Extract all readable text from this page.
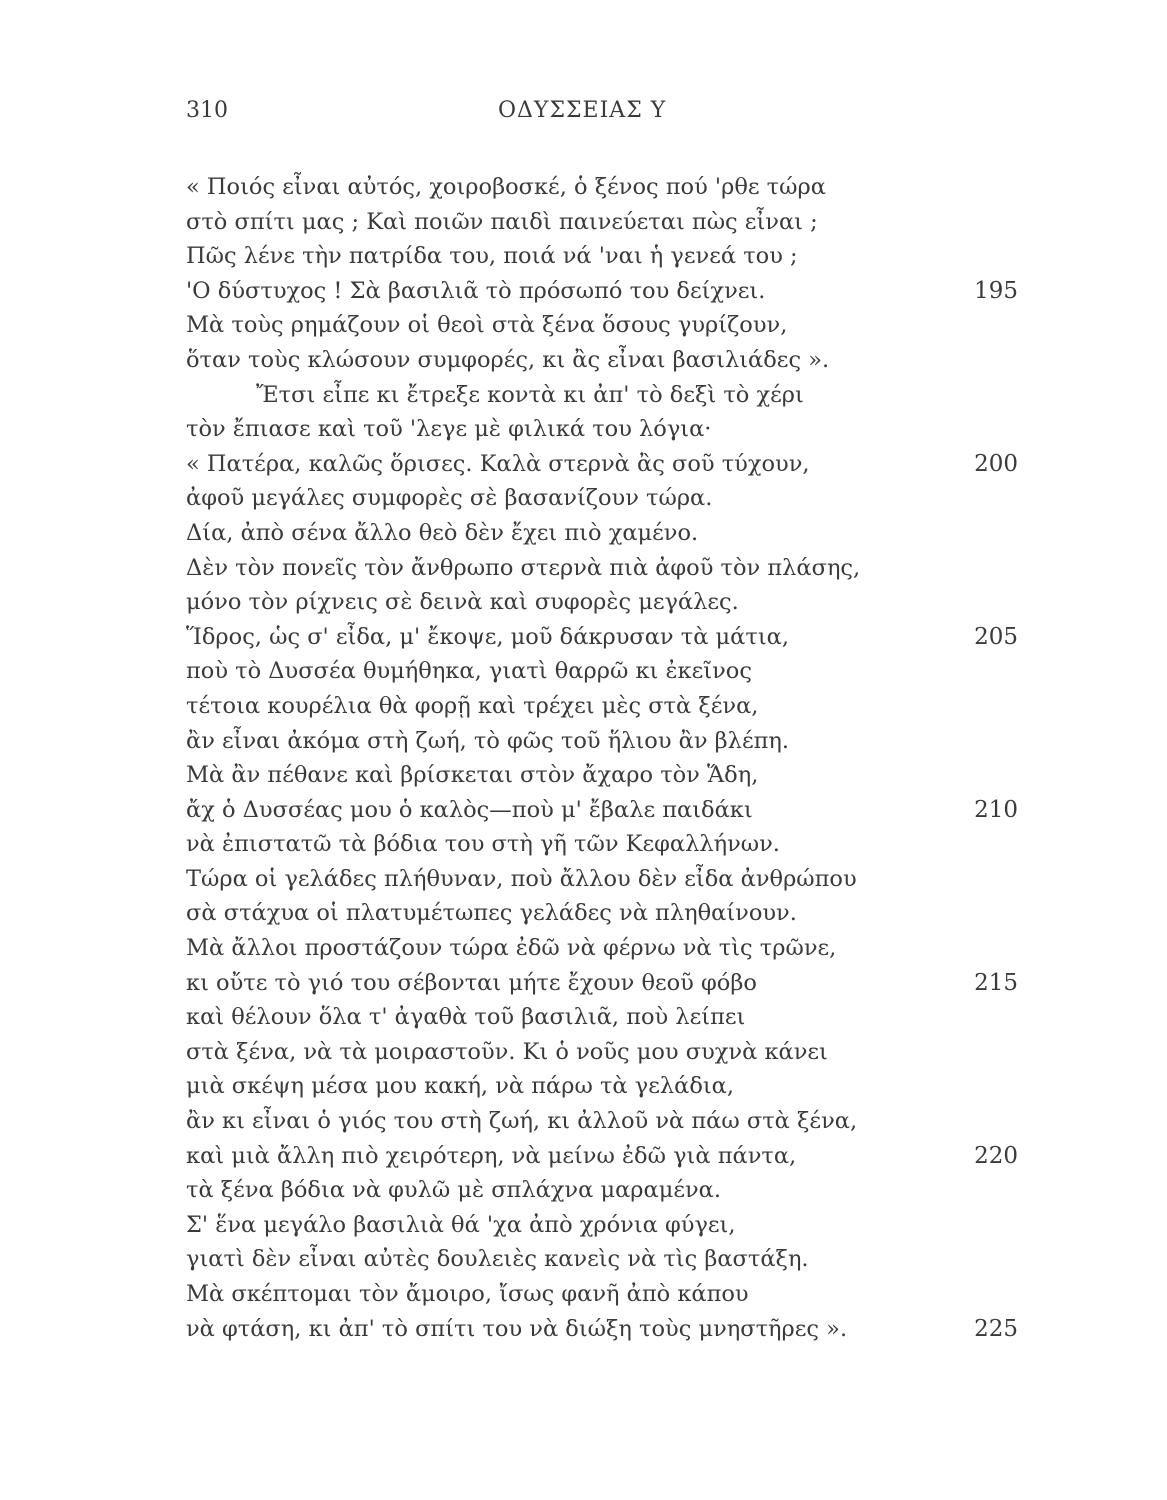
310	ΟΔΥΣΣΕΙΑΣ Υ
« Ποιός εἶναι αὐτός, χοιροβοσκέ, ὁ ξένος πού 'ρθε τώρα
στὸ σπίτι μας ; Καὶ ποιῶν παιδὶ παινεύεται πὼς εἶναι ;
Πῶς λένε τὴν πατρίδα του, ποιά νά 'ναι ἡ γενεά του ;
'Ο δύστυχος ! Σὰ βασιλιᾶ τὸ πρόσωπό του δείχνει.	195
Μὰ τοὺς ρημάζουν οἱ θεοὶ στὰ ξένα ὅσους γυρίζουν,
ὅταν τοὺς κλώσουν συμφορές, κι ἂς εἶναι βασιλιάδες ».
Ἔτσι εἶπε κι ἔτρεξε κοντὰ κι ἀπ' τὸ δεξὶ τὸ χέρι
τὸν ἔπιασε καὶ τοῦ 'λεγε μὲ φιλικά του λόγια·
« Πατέρα, καλῶς ὅρισες. Καλὰ στερνὰ ἂς σοῦ τύχουν,	200
ἀφοῦ μεγάλες συμφορὲς σὲ βασανίζουν τώρα.
Δία, ἀπὸ σένα ἄλλο θεὸ δὲν ἔχει πιὸ χαμένο.
Δὲν τὸν πονεῖς τὸν ἄνθρωπο στερνὰ πιὰ ἀφοῦ τὸν πλάσης,
μόνο τὸν ρίχνεις σὲ δεινὰ καὶ συφορὲς μεγάλες.
Ἵδρος, ὡς σ' εἶδα, μ' ἔκοψε, μοῦ δάκρυσαν τὰ μάτια,	205
ποὺ τὸ Δυσσέα θυμήθηκα, γιατὶ θαρρῶ κι ἐκεῖνος
τέτοια κουρέλια θὰ φορῇ καὶ τρέχει μὲς στὰ ξένα,
ἂν εἶναι ἀκόμα στὴ ζωή, τὸ φῶς τοῦ ἥλιου ἂν βλέπη.
Μὰ ἂν πέθανε καὶ βρίσκεται στὸν ἄχαρο τὸν Ἅδη,
ἄχ ὁ Δυσσέας μου ὁ καλὸς—ποὺ μ' ἔβαλε παιδάκι	210
νὰ ἐπιστατῶ τὰ βόδια του στὴ γῆ τῶν Κεφαλλήνων.
Τώρα οἱ γελάδες πλήθυναν, ποὺ ἄλλου δὲν εἶδα ἀνθρώπου
σὰ στάχυα οἱ πλατυμέτωπες γελάδες νὰ πληθαίνουν.
Μὰ ἄλλοι προστάζουν τώρα ἐδῶ νὰ φέρνω νὰ τὶς τρῶνε,
κι οὔτε τὸ γιό του σέβονται μήτε ἔχουν θεοῦ φόβο	215
καὶ θέλουν ὅλα τ' ἀγαθὰ τοῦ βασιλιᾶ, ποὺ λείπει
στὰ ξένα, νὰ τὰ μοιραστοῦν. Κι ὁ νοῦς μου συχνὰ κάνει
μιὰ σκέψη μέσα μου κακή, νὰ πάρω τὰ γελάδια,
ἂν κι εἶναι ὁ γιός του στὴ ζωή, κι ἀλλοῦ νὰ πάω στὰ ξένα,
καὶ μιὰ ἄλλη πιὸ χειρότερη, νὰ μείνω ἐδῶ γιὰ πάντα,	220
τὰ ξένα βόδια νὰ φυλῶ μὲ σπλάχνα μαραμένα.
Σ' ἕνα μεγάλο βασιλιὰ θά 'χα ἀπὸ χρόνια φύγει,
γιατὶ δὲν εἶναι αὐτὲς δουλειὲς κανεὶς νὰ τὶς βαστάξη.
Μὰ σκέπτομαι τὸν ἄμοιρο, ἴσως φανῆ ἀπὸ κάπου
νὰ φτάση, κι ἀπ' τὸ σπίτι του νὰ διώξη τοὺς μνηστῆρες ».	225
